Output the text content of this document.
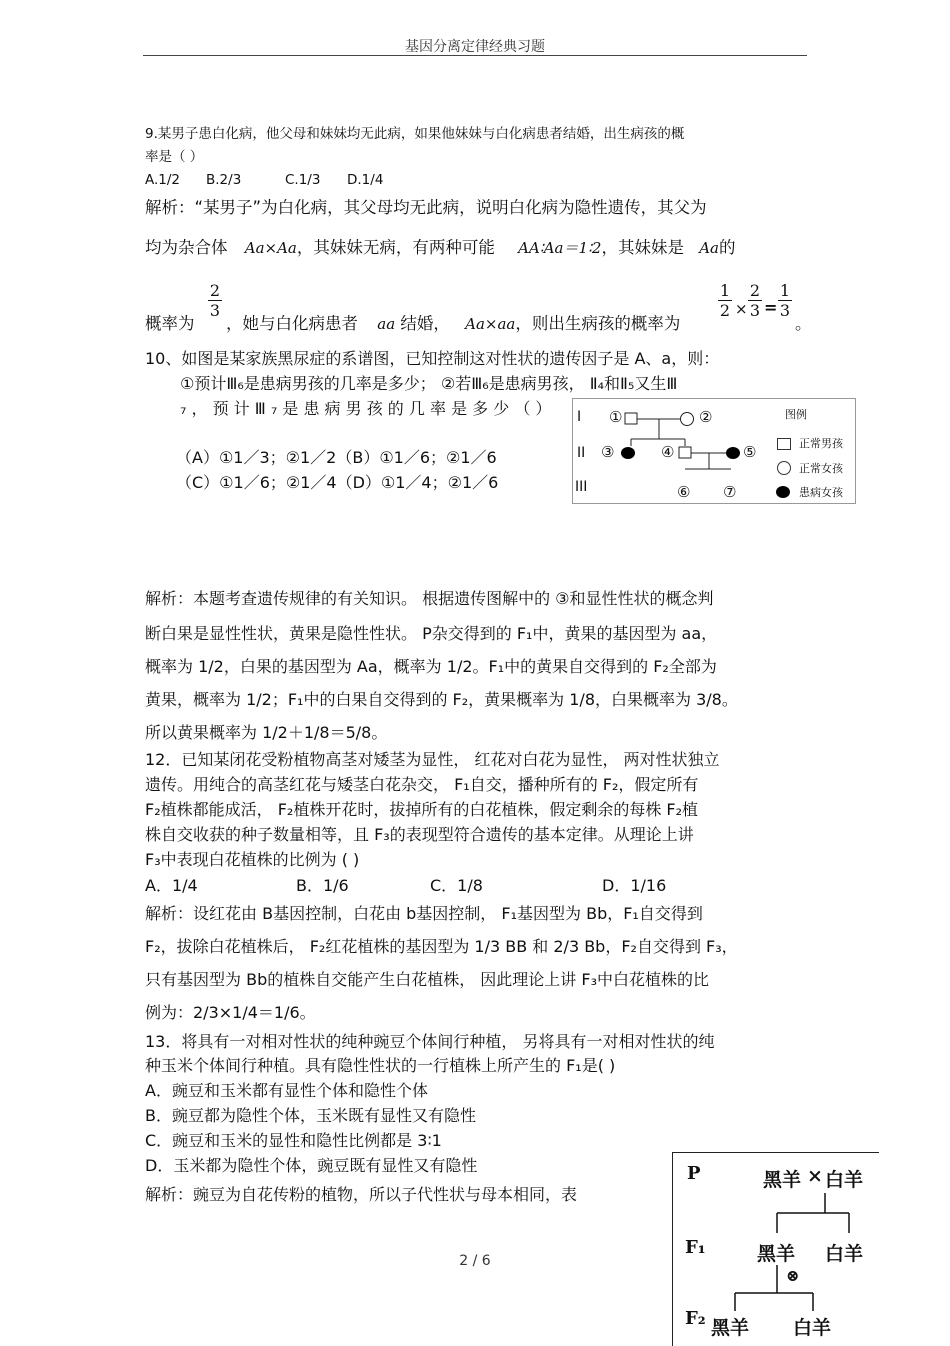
基因分离定律经典习题
9.某男子患白化病，他父母和妹妹均无此病，如果他妹妹与白化病患者结婚，出生病孩的概
率是（ ）
A.1/2 B.2/3	C.1/3 D.1/4
解析：“某男子”为白化病，其父母均无此病，说明白化病为隐性遗传，其父为
均为杂合体 Aa×Aa，其妹妹无病，有两种可能 AA∶Aa＝1∶2，其妹妹是 Aa的
概率为
$\frac{2}{3}$
，她与白化病患者 aa 结婚， Aa×aa，则出生病孩的概率为
$\frac{1}{2} \times \frac{2}{3} = \frac{1}{3}$
。
10、如图是某家族黑尿症的系谱图，已知控制这对性状的遗传因子是 A、a，则：
①预计Ⅲ₆是患病男孩的几率是多少； ②若Ⅲ₆是患病男孩， Ⅱ₄和Ⅱ₅又生Ⅲ
₇ ， 预 计 Ⅲ ₇ 是 患 病 男 孩 的 几 率 是 多 少 （ ）
（A）①1／3；②1／2（B）①1／6；②1／6
（C）①1／6；②1／4（D）①1／4；②1／6
I
II
III
①	②
③	④	⑤
⑥ ⑦
图例
正常男孩
正常女孩
患病女孩
解析：本题考查遗传规律的有关知识。 根据遗传图解中的 ③和显性性状的概念判
断白果是显性性状，黄果是隐性性状。 P杂交得到的 F₁中，黄果的基因型为 aa，
概率为 1/2，白果的基因型为 Aa，概率为 1/2。F₁中的黄果自交得到的 F₂全部为
黄果，概率为 1/2；F₁中的白果自交得到的 F₂，黄果概率为 1/8，白果概率为 3/8。
所以黄果概率为 1/2＋1/8＝5/8。
12．已知某闭花受粉植物高茎对矮茎为显性， 红花对白花为显性， 两对性状独立
遗传。用纯合的高茎红花与矮茎白花杂交， F₁自交，播种所有的 F₂，假定所有
F₂植株都能成活， F₂植株开花时，拔掉所有的白花植株，假定剩余的每株 F₂植
株自交收获的种子数量相等，且 F₃的表现型符合遗传的基本定律。从理论上讲
F₃中表现白花植株的比例为 ( )
A．1/4	B．1/6	C．1/8	D．1/16
解析：设红花由 B基因控制，白花由 b基因控制， F₁基因型为 Bb，F₁自交得到
F₂，拔除白花植株后， F₂红花植株的基因型为 1/3 BB 和 2/3 Bb，F₂自交得到 F₃，
只有基因型为 Bb的植株自交能产生白花植株， 因此理论上讲 F₃中白花植株的比
例为：2/3×1/4＝1/6。
13．将具有一对相对性状的纯种豌豆个体间行种植， 另将具有一对相对性状的纯
种玉米个体间行种植。具有隐性性状的一行植株上所产生的 F₁是( )
A．豌豆和玉米都有显性个体和隐性个体
B．豌豆都为隐性个体，玉米既有显性又有隐性
C．豌豆和玉米的显性和隐性比例都是 3∶1
D．玉米都为隐性个体，豌豆既有显性又有隐性
解析：豌豆为自花传粉的植物，所以子代性状与母本相同，表
P	黑羊 × 白羊
F₁	黑羊 白羊
⊗
F₂ 黑羊 白羊
2 / 6
